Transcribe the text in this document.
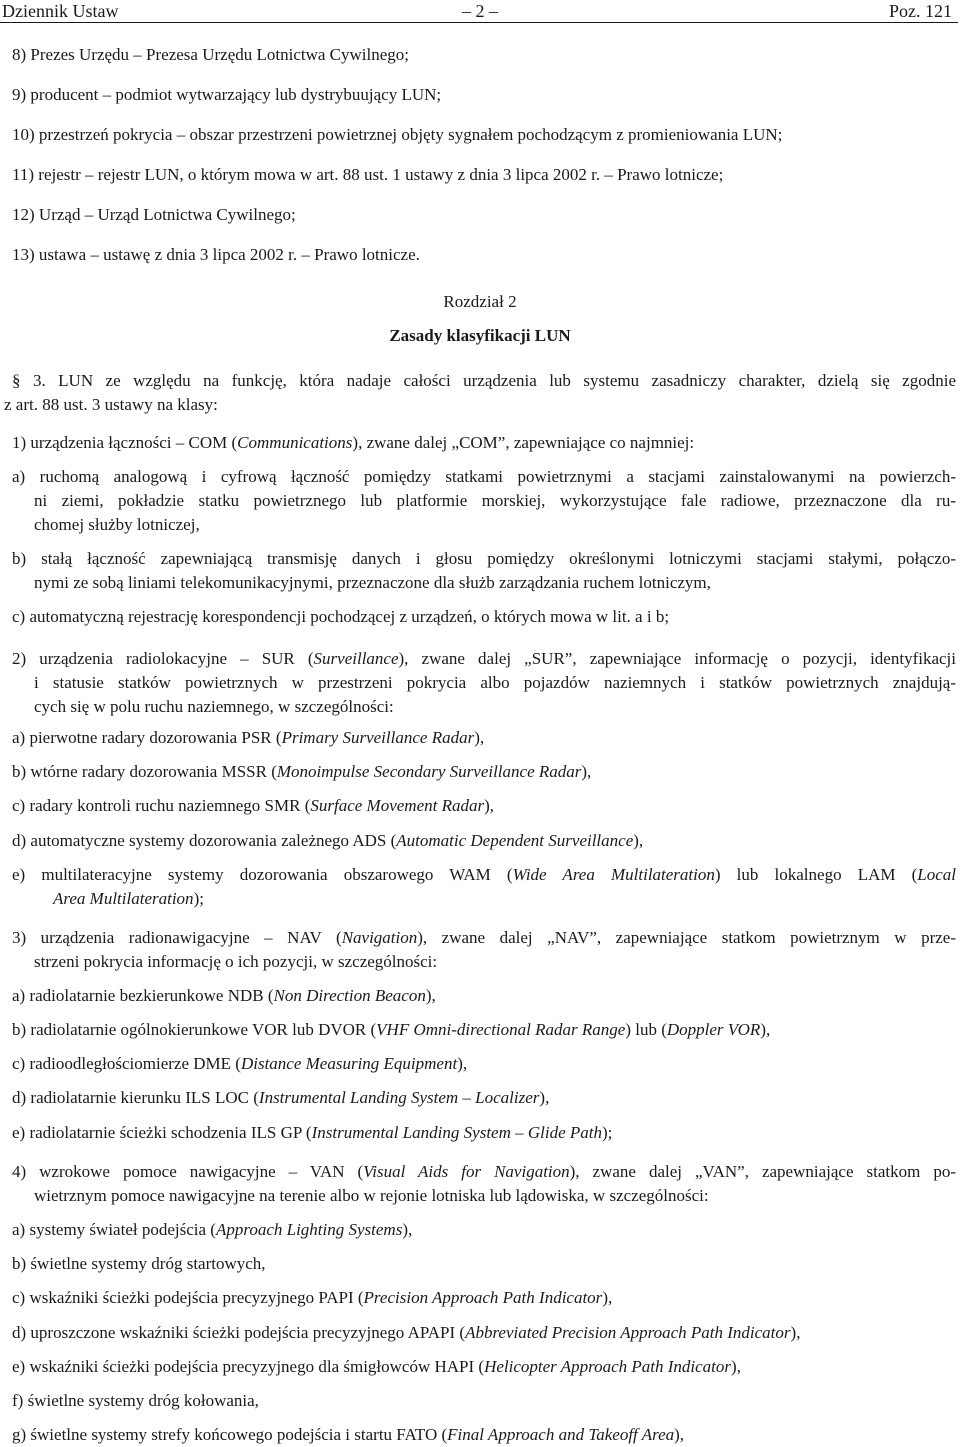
Dziennik Ustaw	– 2 –	Poz. 121
8) Prezes Urzędu – Prezesa Urzędu Lotnictwa Cywilnego;
9) producent – podmiot wytwarzający lub dystrybuujący LUN;
10) przestrzeń pokrycia – obszar przestrzeni powietrznej objęty sygnałem pochodzącym z promieniowania LUN;
11) rejestr – rejestr LUN, o którym mowa w art. 88 ust. 1 ustawy z dnia 3 lipca 2002 r. – Prawo lotnicze;
12) Urząd – Urząd Lotnictwa Cywilnego;
13) ustawa – ustawę z dnia 3 lipca 2002 r. – Prawo lotnicze.
Rozdział 2
Zasady klasyfikacji LUN
§ 3. LUN ze względu na funkcję, która nadaje całości urządzenia lub systemu zasadniczy charakter, dzielą się zgodnie
z art. 88 ust. 3 ustawy na klasy:
1) urządzenia łączności – COM (Communications), zwane dalej „COM”, zapewniające co najmniej:
a) ruchomą analogową i cyfrową łączność pomiędzy statkami powietrznymi a stacjami zainstalowanymi na powierzch-
ni ziemi, pokładzie statku powietrznego lub platformie morskiej, wykorzystujące fale radiowe, przeznaczone dla ru-
chomej służby lotniczej,
b) stałą łączność zapewniającą transmisję danych i głosu pomiędzy określonymi lotniczymi stacjami stałymi, połączo-
nymi ze sobą liniami telekomunikacyjnymi, przeznaczone dla służb zarządzania ruchem lotniczym,
c) automatyczną rejestrację korespondencji pochodzącej z urządzeń, o których mowa w lit. a i b;
2) urządzenia radiolokacyjne – SUR (Surveillance), zwane dalej „SUR”, zapewniające informację o pozycji, identyfikacji
i statusie statków powietrznych w przestrzeni pokrycia albo pojazdów naziemnych i statków powietrznych znajdują-
cych się w polu ruchu naziemnego, w szczególności:
a) pierwotne radary dozorowania PSR (Primary Surveillance Radar),
b) wtórne radary dozorowania MSSR (Monoimpulse Secondary Surveillance Radar),
c) radary kontroli ruchu naziemnego SMR (Surface Movement Radar),
d) automatyczne systemy dozorowania zależnego ADS (Automatic Dependent Surveillance),
e) multilateracyjne systemy dozorowania obszarowego WAM (Wide Area Multilateration) lub lokalnego LAM (Local
Area Multilateration);
3) urządzenia radionawigacyjne – NAV (Navigation), zwane dalej „NAV”, zapewniające statkom powietrznym w prze-
strzeni pokrycia informację o ich pozycji, w szczególności:
a) radiolatarnie bezkierunkowe NDB (Non Direction Beacon),
b) radiolatarnie ogólnokierunkowe VOR lub DVOR (VHF Omni-directional Radar Range) lub (Doppler VOR),
c) radioodległościomierze DME (Distance Measuring Equipment),
d) radiolatarnie kierunku ILS LOC (Instrumental Landing System – Localizer),
e) radiolatarnie ścieżki schodzenia ILS GP (Instrumental Landing System – Glide Path);
4) wzrokowe pomoce nawigacyjne – VAN (Visual Aids for Navigation), zwane dalej „VAN”, zapewniające statkom po-
wietrznym pomoce nawigacyjne na terenie albo w rejonie lotniska lub lądowiska, w szczególności:
a) systemy świateł podejścia (Approach Lighting Systems),
b) świetlne systemy dróg startowych,
c) wskaźniki ścieżki podejścia precyzyjnego PAPI (Precision Approach Path Indicator),
d) uproszczone wskaźniki ścieżki podejścia precyzyjnego APAPI (Abbreviated Precision Approach Path Indicator),
e) wskaźniki ścieżki podejścia precyzyjnego dla śmigłowców HAPI (Helicopter Approach Path Indicator),
f) świetlne systemy dróg kołowania,
g) świetlne systemy strefy końcowego podejścia i startu FATO (Final Approach and Takeoff Area),
